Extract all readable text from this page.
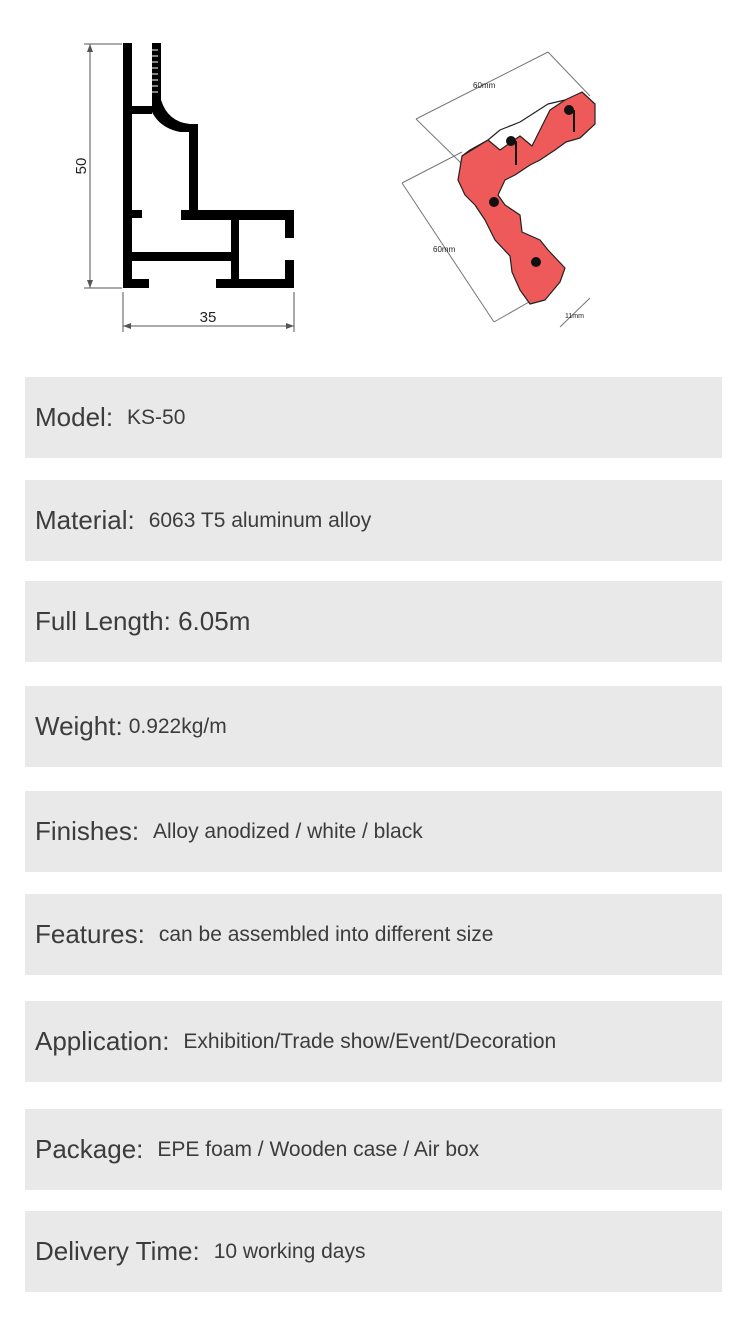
50
35
60mm
60mm
11mm
Model: KS-50
Material: 6063 T5 aluminum alloy
Full Length: 6.05m
Weight: 0.922kg/m
Finishes: Alloy anodized / white / black
Features: can be assembled into different size
Application: Exhibition/Trade show/Event/Decoration
Package: EPE foam / Wooden case / Air box
Delivery Time: 10 working days
